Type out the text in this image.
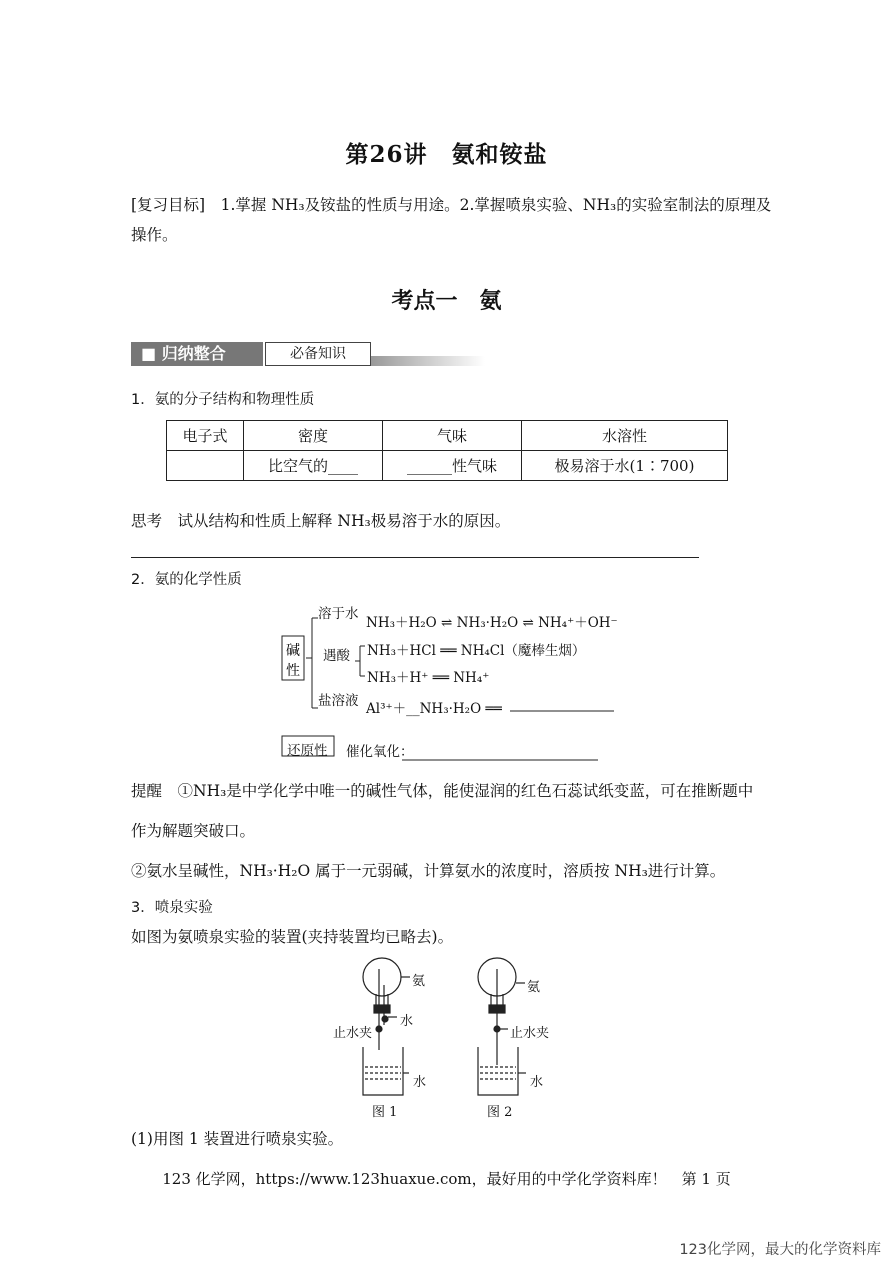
第26讲　氨和铵盐
[复习目标]　 1.掌握 NH₃及铵盐的性质与用途。2.掌握喷泉实验、NH₃的实验室制法的原理及
操作。
考点一　氨
■ 归纳整合	必备知识
1．氨的分子结构和物理性质
电子式	密度	气味	水溶性
	比空气的____	______性气味	极易溶于水(1∶700)
思考　试从结构和性质上解释 NH₃极易溶于水的原因。
2．氨的化学性质
碱
性
溶于水
NH₃＋H₂O ⇌ NH₃·H₂O ⇌ NH₄⁺＋OH⁻
遇酸 NH₃＋HCl ══ NH₄Cl（魔棒生烟）
NH₃＋H⁺ ══ NH₄⁺
盐溶液 Al³⁺＋__NH₃·H₂O ══
还原性 催化氧化：
提醒　①NH₃是中学化学中唯一的碱性气体，能使湿润的红色石蕊试纸变蓝，可在推断题中
作为解题突破口。
②氨水呈碱性，NH₃·H₂O 属于一元弱碱，计算氨水的浓度时，溶质按 NH₃进行计算。
3．喷泉实验
如图为氨喷泉实验的装置(夹持装置均已略去)。
氨
水
止水夹
水
图 1
氨
止水夹
水
图 2
(1)用图 1 装置进行喷泉实验。
123 化学网，https://www.123huaxue.com，最好用的中学化学资料库！　第 1 页
123化学网，最大的化学资料库
